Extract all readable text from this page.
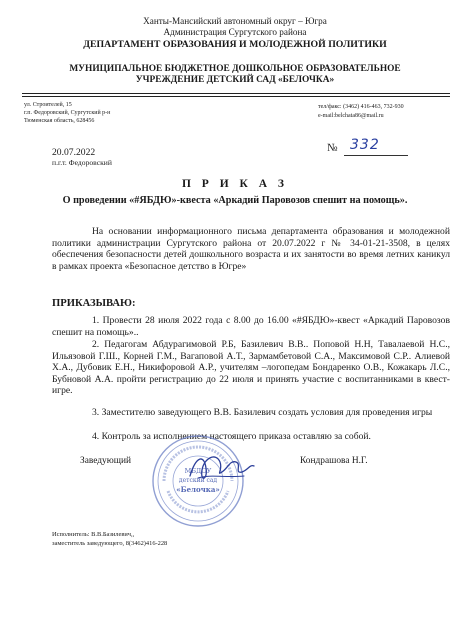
Ханты-Мансийский автономный округ – Югра
Администрация Сургутского района
ДЕПАРТАМЕНТ ОБРАЗОВАНИЯ И МОЛОДЕЖНОЙ ПОЛИТИКИ
МУНИЦИПАЛЬНОЕ БЮДЖЕТНОЕ ДОШКОЛЬНОЕ ОБРАЗОВАТЕЛЬНОЕ
УЧРЕЖДЕНИЕ ДЕТСКИЙ САД «БЕЛОЧКА»
ул. Строителей, 15
г.п. Федоровский, Сургутский р-н
Тюменская область, 628456
тел/факс: (3462) 416-463, 732-930
e-mail:belchata86@mail.ru
20.07.2022
п.г.т. Федоровский
№ 332
П Р И К А З
О проведении «#ЯБДЮ»-квеста «Аркадий Паровозов спешит на помощь».
На основании информационного письма департамента образования и молодежной политики администрации Сургутского района от 20.07.2022 г № 34-01-21-3508, в целях обеспечения безопасности детей дошкольного возраста и их занятости во время летних каникул в рамках проекта «Безопасное детство в Югре»
ПРИКАЗЫВАЮ:
1. Провести 28 июля 2022 года с 8.00 до 16.00 «#ЯБДЮ»-квест «Аркадий Паровозов спешит на помощь»..
2. Педагогам Абдурагимовой Р.Б, Базилевич В.В.. Поповой Н.Н, Тавалаевой Н.С., Ильязовой Г.Ш., Корней Г.М., Вагаповой А.Т., Зармамбетовой С.А., Максимовой С.Р.. Алиевой Х.А., Дубовик Е.Н., Никифоровой А.Р., учителям –логопедам Бондаренко О.В., Кожакарь Л.С., Бубновой А.А. пройти регистрацию до 22 июля и принять участие с воспитанниками в квест-игре.
3. Заместителю заведующего В.В. Базилевич создать условия для проведения игры
4. Контроль за исполнением настоящего приказа оставляю за собой.
Заведующий	Кондрашова Н.Г.
МБДОУ
детский сад
«Белочка»
Исполнитель: В.В.Базилевич,,
заместитель заведующего, 8(3462)416-228
